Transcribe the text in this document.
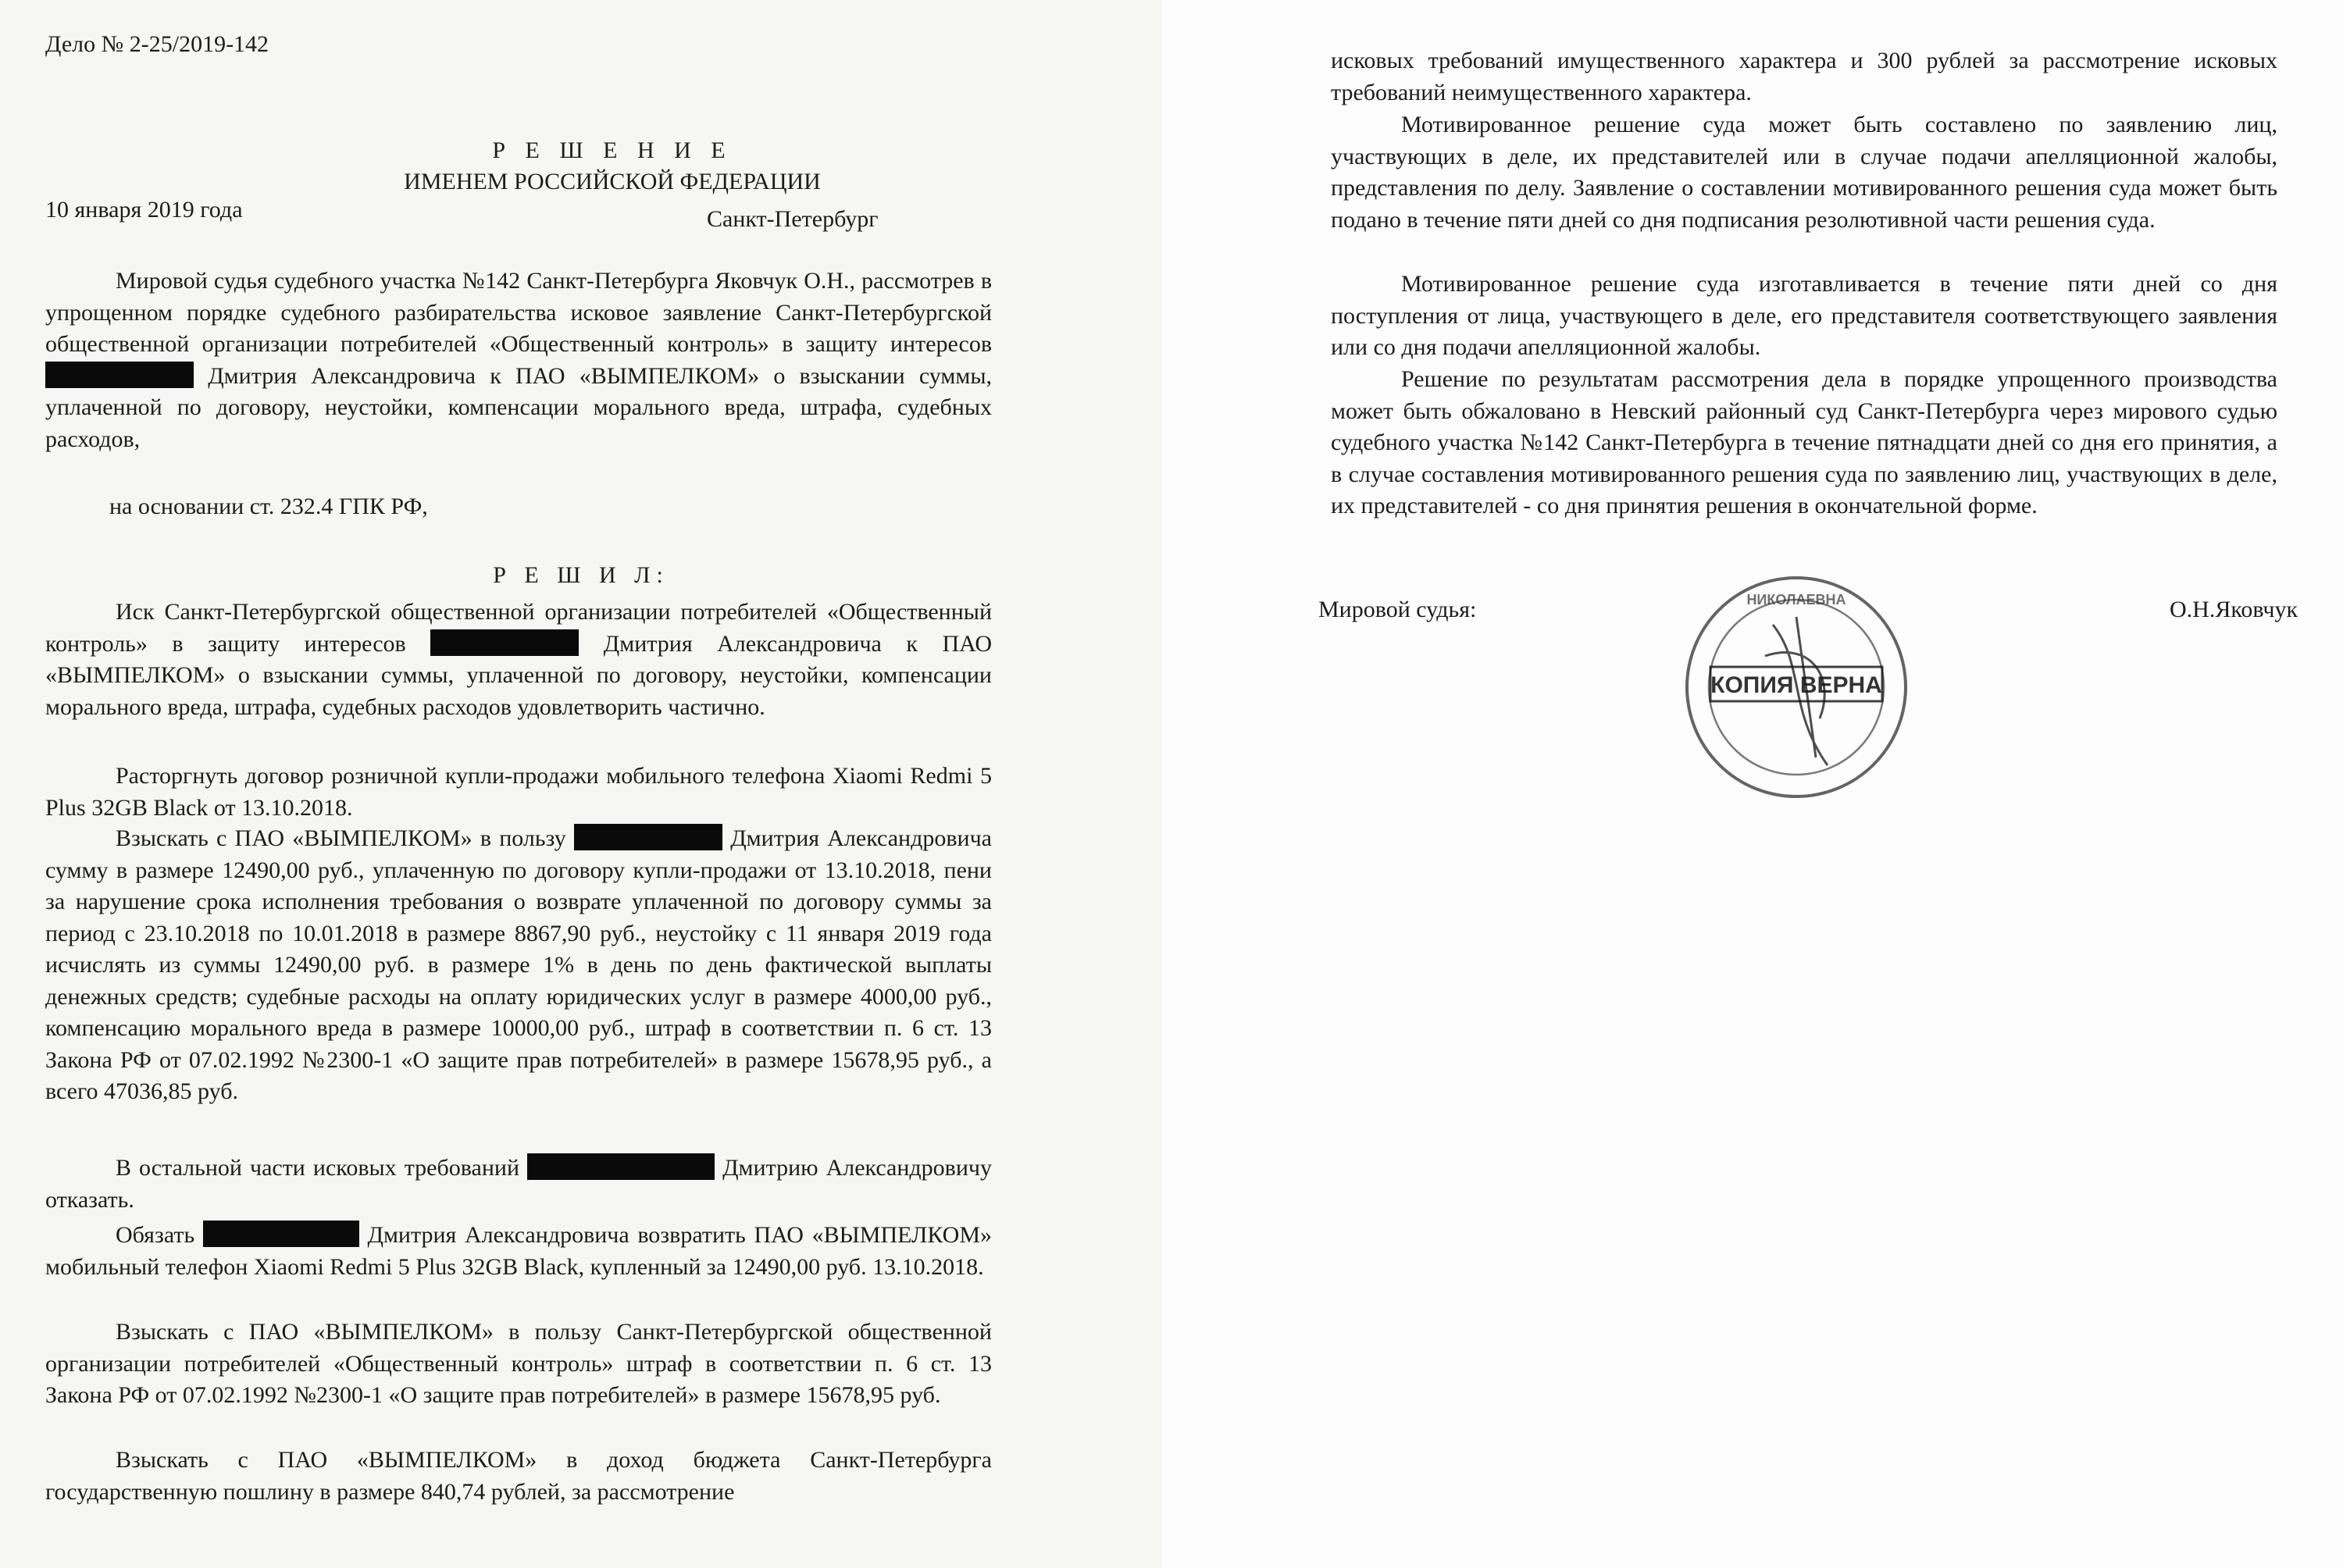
Дело № 2-25/2019-142
Р Е Ш Е Н И Е
ИМЕНЕМ РОССИЙСКОЙ ФЕДЕРАЦИИ
10 января 2019 года	Санкт-Петербург

Мировой судья судебного участка №142 Санкт-Петербурга Яковчук О.Н., рассмотрев в упрощенном порядке судебного разбирательства исковое заявление Санкт-Петербургской общественной организации потребителей «Общественный контроль» в защиту интересов  Дмитрия Александровича к ПАО «ВЫМПЕЛКОМ» о взыскании суммы, уплаченной по договору, неустойки, компенсации морального вреда, штрафа, судебных расходов,

на основании ст. 232.4 ГПК РФ,
Р Е Ш И Л:

Иск Санкт-Петербургской общественной организации потребителей «Общественный контроль» в защиту интересов	Дмитрия Александровича к ПАО «ВЫМПЕЛКОМ» о взыскании суммы, уплаченной по договору, неустойки, компенсации морального вреда, штрафа, судебных расходов удовлетворить частично.

Расторгнуть договор розничной купли-продажи мобильного телефона Xiaomi Redmi 5 Plus 32GB Black от 13.10.2018.

Взыскать с ПАО «ВЫМПЕЛКОМ» в пользу	Дмитрия Александровича сумму в размере 12490,00 руб., уплаченную по договору купли-продажи от 13.10.2018, пени за нарушение срока исполнения требования о возврате уплаченной по договору суммы за период с 23.10.2018 по 10.01.2018 в размере 8867,90 руб., неустойку с 11 января 2019 года исчислять из суммы 12490,00 руб. в размере 1% в день по день фактической выплаты денежных средств; судебные расходы на оплату юридических услуг в размере 4000,00 руб., компенсацию морального вреда в размере 10000,00 руб., штраф в соответствии п. 6 ст. 13 Закона РФ от 07.02.1992 №2300-1 «О защите прав потребителей» в размере 15678,95 руб., а всего 47036,85 руб.

В остальной части исковых требований	Дмитрию Александровичу отказать.

Обязать	Дмитрия Александровича возвратить ПАО «ВЫМПЕЛКОМ» мобильный телефон Xiaomi Redmi 5 Plus 32GB Black, купленный за 12490,00 руб. 13.10.2018.

Взыскать с ПАО «ВЫМПЕЛКОМ» в пользу Санкт-Петербургской общественной организации потребителей «Общественный контроль» штраф в соответствии п. 6 ст. 13 Закона РФ от 07.02.1992 №2300-1 «О защите прав потребителей» в размере 15678,95 руб.

Взыскать с ПАО «ВЫМПЕЛКОМ» в доход бюджета Санкт-Петербурга государственную пошлину в размере 840,74 рублей, за рассмотрение

исковых требований имущественного характера и 300 рублей за рассмотрение исковых требований неимущественного характера.

Мотивированное решение суда может быть составлено по заявлению лиц, участвующих в деле, их представителей или в случае подачи апелляционной жалобы, представления по делу. Заявление о составлении мотивированного решения суда может быть подано в течение пяти дней со дня подписания резолютивной части решения суда.

Мотивированное решение суда изготавливается в течение пяти дней со дня поступления от лица, участвующего в деле, его представителя соответствующего заявления или со дня подачи апелляционной жалобы.

Решение по результатам рассмотрения дела в порядке упрощенного производства может быть обжаловано в Невский районный суд Санкт-Петербурга через мирового судью судебного участка №142 Санкт-Петербурга в течение пятнадцати дней со дня его принятия, а в случае составления мотивированного решения суда по заявлению лиц, участвующих в деле, их представителей - со дня принятия решения в окончательной форме.

Мировой судья:	О.Н.Яковчук
НИКОЛАЕВНА
КОПИЯ ВЕРНА
